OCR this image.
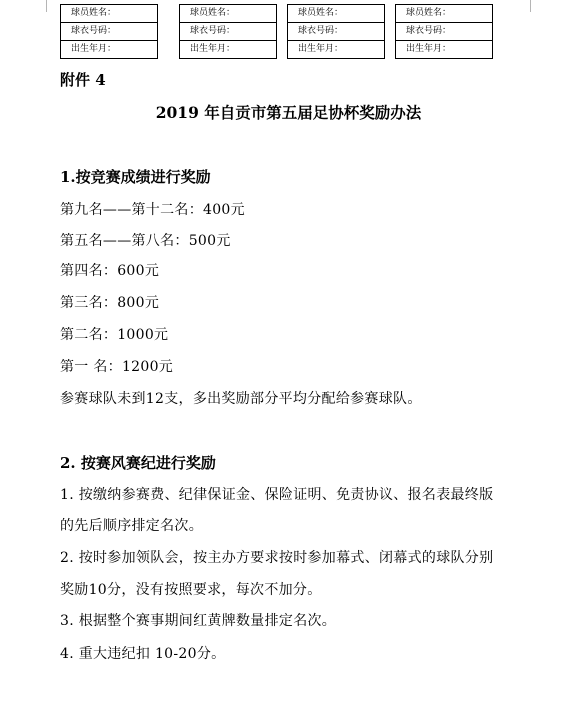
球员姓名：
球衣号码：
出生年月：
球员姓名：
球衣号码：
出生年月：
球员姓名：
球衣号码：
出生年月：
球员姓名：
球衣号码：
出生年月：
附件 4
2019 年自贡市第五届足协杯奖励办法
1.按竞赛成绩进行奖励
第九名——第十二名：400元
第五名——第八名：500元
第四名：600元
第三名：800元
第二名：1000元
第一 名：1200元
参赛球队未到12支，多出奖励部分平均分配给参赛球队。
2. 按赛风赛纪进行奖励
1. 按缴纳参赛费、纪律保证金、保险证明、免责协议、报名表最终版
的先后顺序排定名次。
2. 按时参加领队会，按主办方要求按时参加幕式、闭幕式的球队分别
奖励10分，没有按照要求，每次不加分。
3. 根据整个赛事期间红黄牌数量排定名次。
4. 重大违纪扣 10-20分。
